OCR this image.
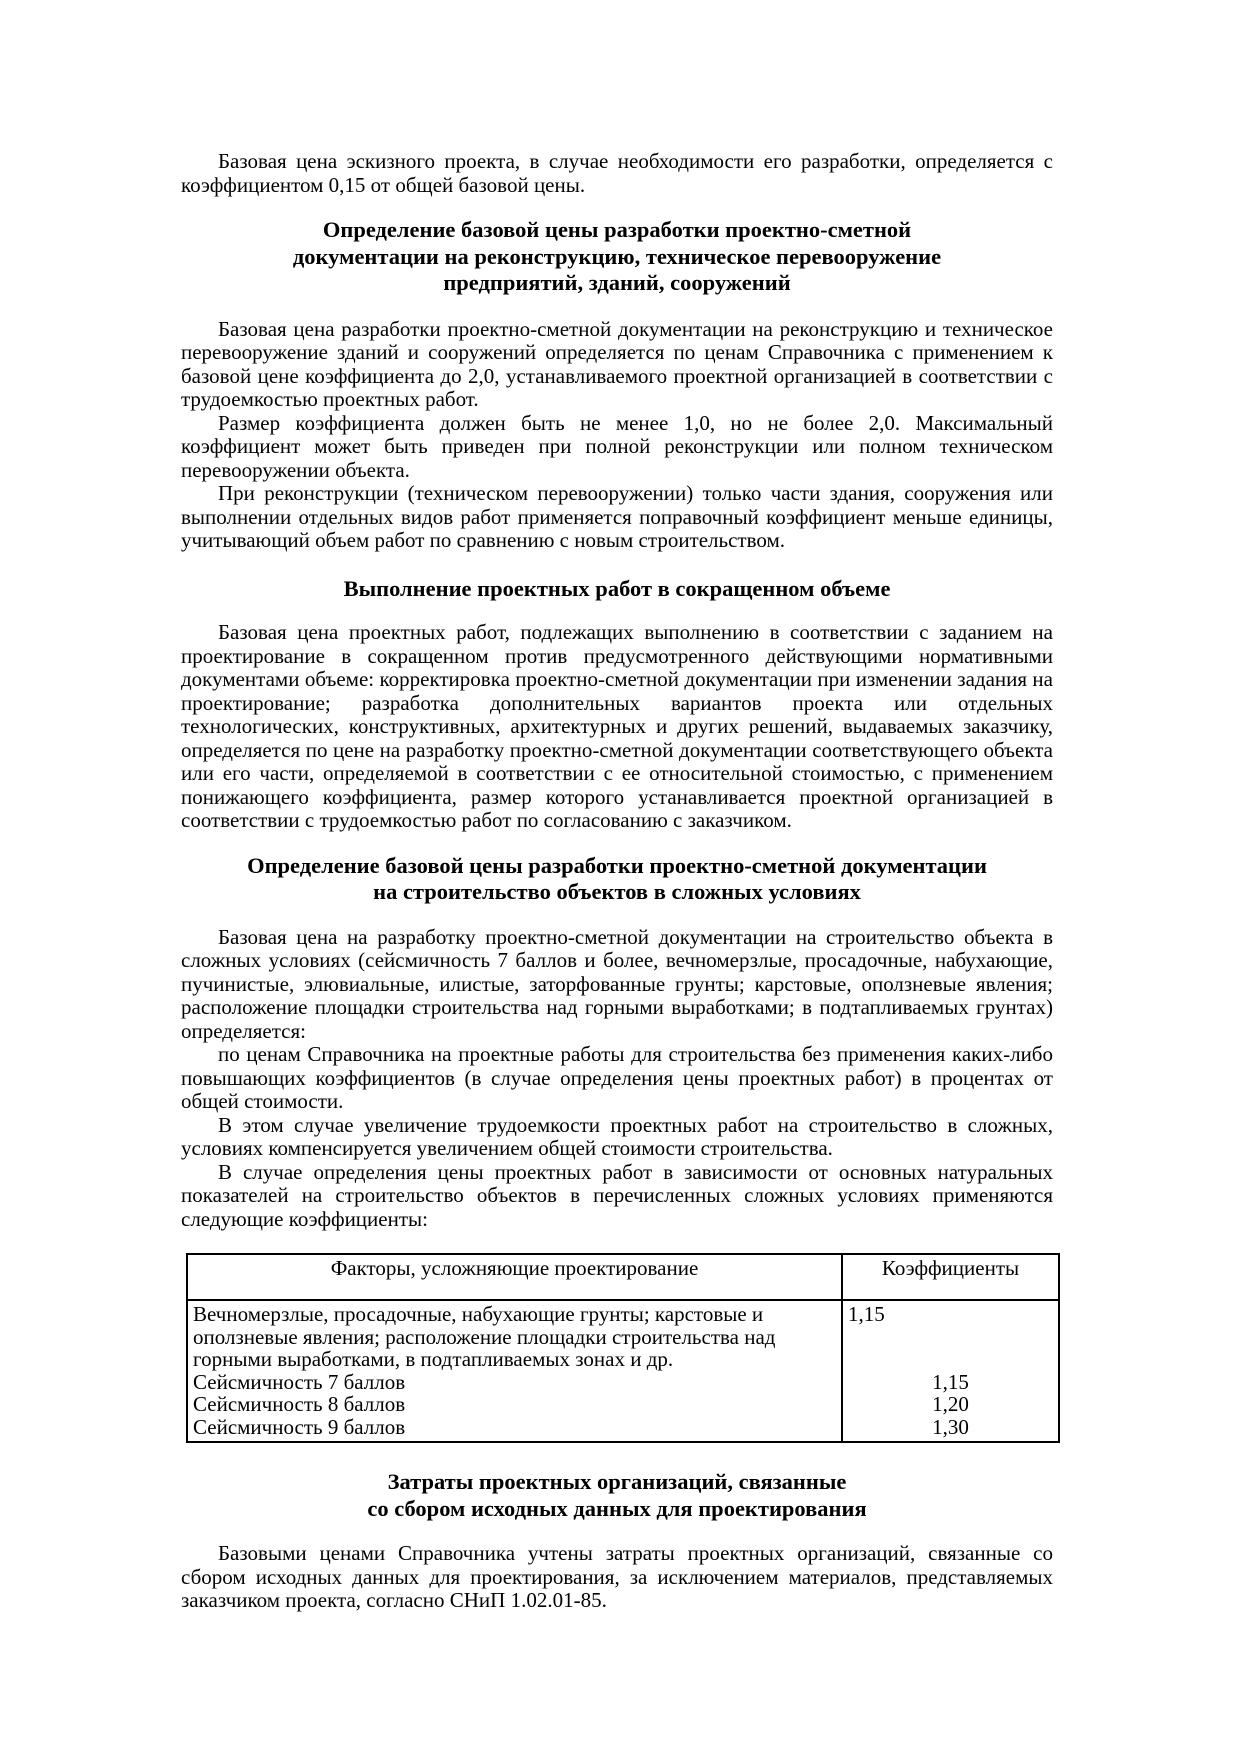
Базовая цена эскизного проекта, в случае необходимости его разработки, определяется с коэффициентом 0,15 от общей базовой цены.

Определение базовой цены разработки проектно-сметной
документации на реконструкцию, техническое перевооружение
предприятий, зданий, сооружений

Базовая цена разработки проектно-сметной документации на реконструкцию и техническое перевооружение зданий и сооружений определяется по ценам Справочника с применением к базовой цене коэффициента до 2,0, устанавливаемого проектной организацией в соответствии с трудоемкостью проектных работ.

Размер коэффициента должен быть не менее 1,0, но не более 2,0. Максимальный коэффициент может быть приведен при полной реконструкции или полном техническом перевооружении объекта.

При реконструкции (техническом перевооружении) только части здания, сооружения или выполнении отдельных видов работ применяется поправочный коэффициент меньше единицы, учитывающий объем работ по сравнению с новым строительством.

Выполнение проектных работ в сокращенном объеме

Базовая цена проектных работ, подлежащих выполнению в соответствии с заданием на проектирование в сокращенном против предусмотренного действующими нормативными документами объеме: корректировка проектно-сметной документации при изменении задания на проектирование; разработка дополнительных вариантов проекта или отдельных технологических, конструктивных, архитектурных и других решений, выдаваемых заказчику, определяется по цене на разработку проектно-сметной документации соответствующего объекта или его части, определяемой в соответствии с ее относительной стоимостью, с применением понижающего коэффициента, размер которого устанавливается проектной организацией в соответствии с трудоемкостью работ по согласованию с заказчиком.

Определение базовой цены разработки проектно-сметной документации
на строительство объектов в сложных условиях

Базовая цена на разработку проектно-сметной документации на строительство объекта в сложных условиях (сейсмичность 7 баллов и более, вечномерзлые, просадочные, набухающие, пучинистые, элювиальные, илистые, заторфованные грунты; карстовые, оползневые явления; расположение площадки строительства над горными выработками; в подтапливаемых грунтах) определяется:

по ценам Справочника на проектные работы для строительства без применения каких-либо повышающих коэффициентов (в случае определения цены проектных работ) в процентах от общей стоимости.

В этом случае увеличение трудоемкости проектных работ на строительство в сложных, условиях компенсируется увеличением общей стоимости строительства.

В случае определения цены проектных работ в зависимости от основных натуральных показателей на строительство объектов в перечисленных сложных условиях применяются следующие коэффициенты:

Факторы, усложняющие проектирование	Коэффициенты
Вечномерзлые, просадочные, набухающие грунты; карстовые и оползневые явления; расположение площадки строительства над горными выработками, в подтапливаемых зонах и др.	1,15
Сейсмичность 7 баллов	1,15
Сейсмичность 8 баллов	1,20
Сейсмичность 9 баллов	1,30
Затраты проектных организаций, связанные
со сбором исходных данных для проектирования

Базовыми ценами Справочника учтены затраты проектных организаций, связанные со сбором исходных данных для проектирования, за исключением материалов, представляемых заказчиком проекта, согласно СНиП 1.02.01-85.
